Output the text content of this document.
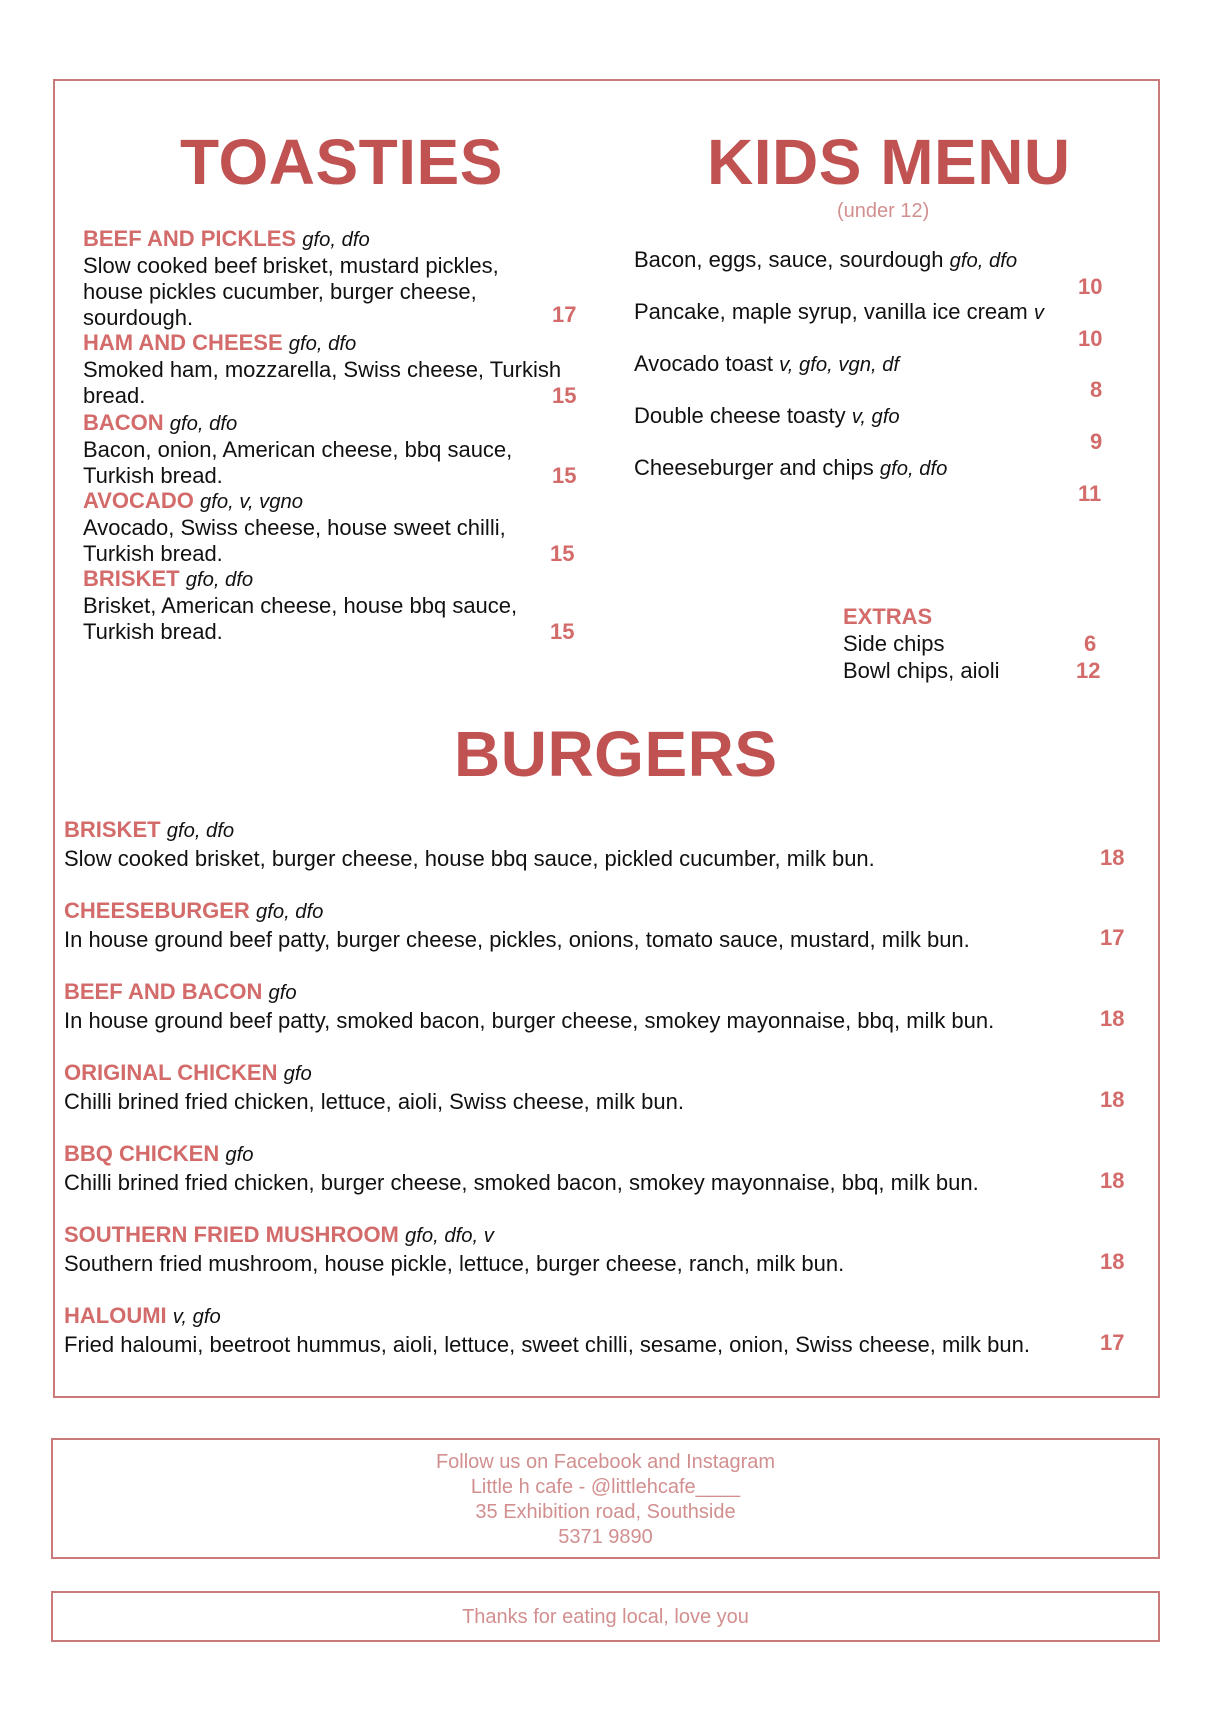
TOASTIES
BEEF AND PICKLES gfo, dfo
Slow cooked beef brisket, mustard pickles, house pickles cucumber, burger cheese, sourdough.	17
HAM AND CHEESE gfo, dfo
Smoked ham, mozzarella, Swiss cheese, Turkish bread.	15
BACON gfo, dfo
Bacon, onion, American cheese, bbq sauce, Turkish bread.	15
AVOCADO gfo, v, vgno
Avocado, Swiss cheese, house sweet chilli, Turkish bread.	15
BRISKET gfo, dfo
Brisket, American cheese, house bbq sauce, Turkish bread.	15
KIDS MENU
(under 12)
Bacon, eggs, sauce, sourdough gfo, dfo
10
Pancake, maple syrup, vanilla ice cream v
10
Avocado toast v, gfo, vgn, df
8
Double cheese toasty v, gfo
9
Cheeseburger and chips gfo, dfo
11
EXTRAS
Side chips	6
Bowl chips, aioli	12
BURGERS
BRISKET gfo, dfo
Slow cooked brisket, burger cheese, house bbq sauce, pickled cucumber, milk bun.	18
CHEESEBURGER gfo, dfo
In house ground beef patty, burger cheese, pickles, onions, tomato sauce, mustard, milk bun.	17
BEEF AND BACON gfo
In house ground beef patty, smoked bacon, burger cheese, smokey mayonnaise, bbq, milk bun.	18
ORIGINAL CHICKEN gfo
Chilli brined fried chicken, lettuce, aioli, Swiss cheese, milk bun.	18
BBQ CHICKEN gfo
Chilli brined fried chicken, burger cheese, smoked bacon, smokey mayonnaise, bbq, milk bun.	18
SOUTHERN FRIED MUSHROOM gfo, dfo, v
Southern fried mushroom, house pickle, lettuce, burger cheese, ranch, milk bun.	18
HALOUMI v, gfo
Fried haloumi, beetroot hummus, aioli, lettuce, sweet chilli, sesame, onion, Swiss cheese, milk bun.	17
Follow us on Facebook and Instagram
Little h cafe - @littlehcafe____
35 Exhibition road, Southside
5371 9890
Thanks for eating local, love you
